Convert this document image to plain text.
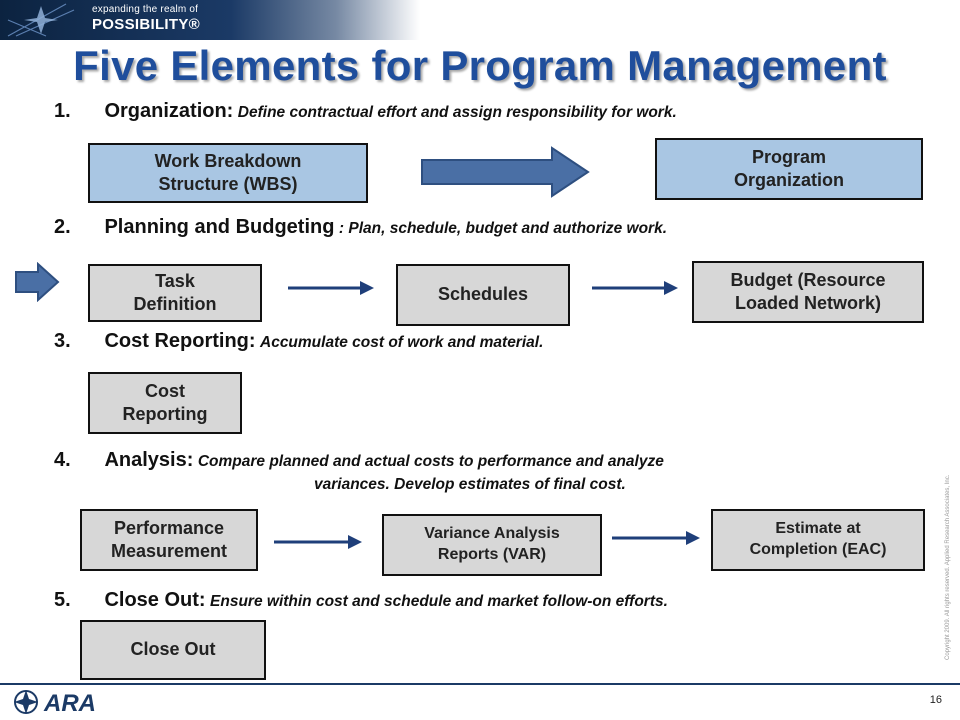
expanding the realm of
POSSIBILITY®
Five Elements for Program Management
1. Organization: Define contractual effort and assign responsibility for work.
Work Breakdown
Structure (WBS)
Program
Organization
2. Planning and Budgeting : Plan, schedule, budget and authorize work.
Task
Definition	Schedules
Budget (Resource
Loaded Network)
3. Cost Reporting: Accumulate cost of work and material.
Cost
Reporting
4. Analysis: Compare planned and actual costs to performance and analyze
variances. Develop estimates of final cost.
Performance
Measurement
Variance Analysis
Reports (VAR)
Estimate at
Completion (EAC)
5. Close Out: Ensure within cost and schedule and market follow-on efforts.
Close Out	Copyright 2009. All rights reserved. Applied Research Associates, Inc.
ARA	16
